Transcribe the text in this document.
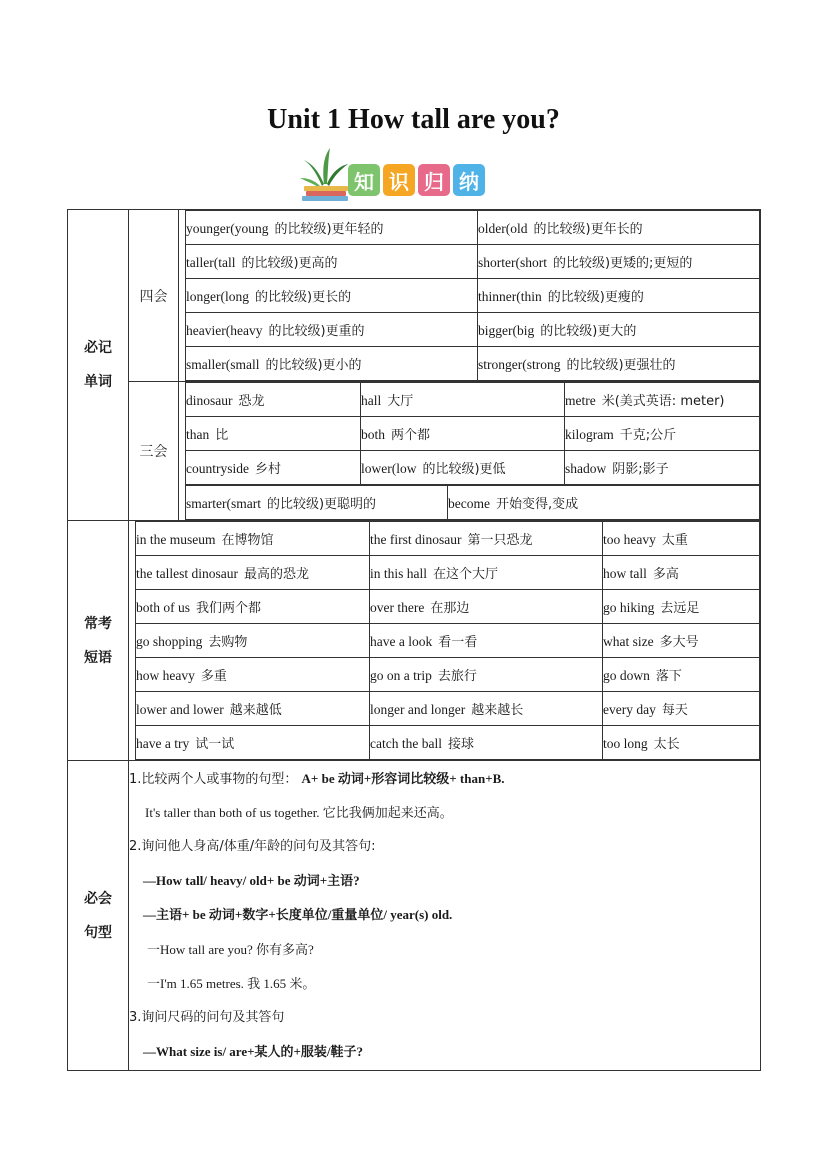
Unit 1 How tall are you?
知 识 归 纳
必记
单词
	四会	
younger(young 的比较级)更年轻的	older(old 的比较级)更年长的
taller(tall 的比较级)更高的	shorter(short 的比较级)更矮的;更短的
longer(long 的比较级)更长的	thinner(thin 的比较级)更瘦的
heavier(heavy 的比较级)更重的	bigger(big 的比较级)更大的
smaller(small 的比较级)更小的	stronger(strong 的比较级)更强壮的

三会	
dinosaur 恐龙	hall 大厅	metre 米(美式英语: meter)
than 比	both 两个都	kilogram 千克;公斤
countryside 乡村	lower(low 的比较级)更低	shadow 阴影;影子
smarter(smart 的比较级)更聪明的	become 开始变得,变成

常考
短语

in the museum 在博物馆	the first dinosaur 第一只恐龙	too heavy 太重
the tallest dinosaur 最高的恐龙	in this hall 在这个大厅	how tall 多高
both of us 我们两个都	over there 在那边	go hiking 去远足
go shopping 去购物	have a look 看一看	what size 多大号
how heavy 多重	go on a trip 去旅行	go down 落下
lower and lower 越来越低	longer and longer 越来越长	every day 每天
have a try 试一试	catch the ball 接球	too long 太长

必会
句型

1.比较两个人或事物的句型： A+ be 动词+形容词比较级+ than+B.
It's taller than both of us together. 它比我俩加起来还高。
2.询问他人身高/体重/年龄的问句及其答句:
—How tall/ heavy/ old+ be 动词+主语?
—主语+ be 动词+数字+长度单位/重量单位/ year(s) old.
一How tall are you? 你有多高?
一I'm 1.65 metres. 我 1.65 米。
3.询问尺码的问句及其答句
—What size is/ are+某人的+服装/鞋子?
